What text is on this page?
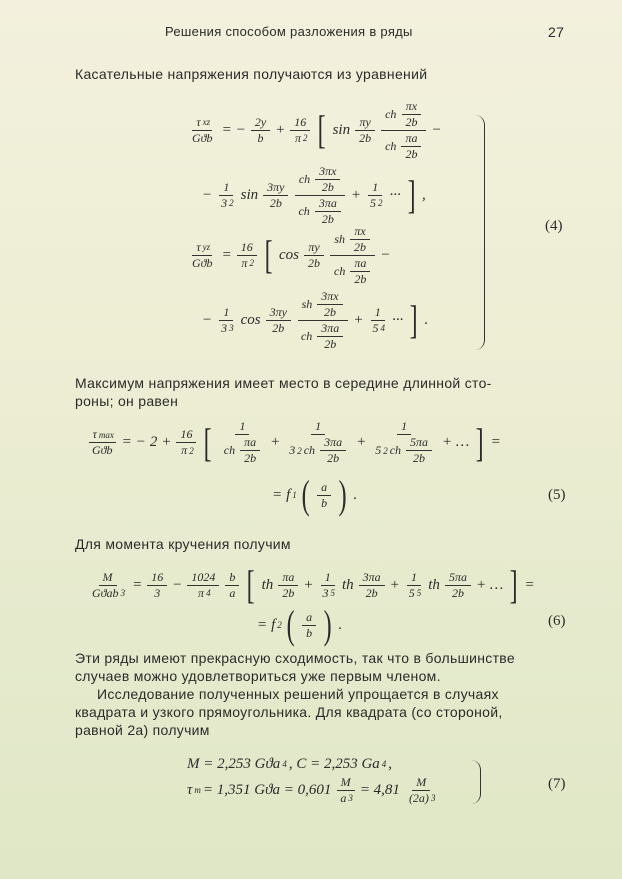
Решения способом разложения в ряды	27
Касательные напряжения получаются из уравнений
τ xz
Gϑb = − $\frac{2y}{b} + \frac{16}{\pi 2}$ [ $\sin \frac{\pi y}{2b}$
ch $\frac{\pi x}{2b}$
ch $\frac{\pi a}{2b}$
−
− $\frac{1}{3 2}$ $\sin \frac{3\pi y}{2b} \frac{ch \frac{3\pi x}{2b}}{ch \frac{3\pi a}{2b}} + \frac{1}{5 2}$ ··· ] ,
τ yz
$Gϑb = \frac{16}{\pi 2}$ [ $\cos \frac{\pi y}{2b}$
sh $\frac{\pi x}{2b}$
ch $\frac{\pi a}{2b}$
−
− $\frac{1}{3 3}$ $\cos \frac{3\pi y}{2b} \frac{sh \frac{3\pi x}{2b}}{ch \frac{3\pi a}{2b}} + \frac{1}{5 4}$ ··· ] .
(4)
Максимум напряжения имеет место в середине длинной сто-
роны; он равен
τ max
Gϑb = − $2 + \frac{16}{\pi 2}$ [ 1
ch $\frac{\pi a}{2b} + \frac{1}{3 2 ch \frac{3\pi a}{2b}} + \frac{1}{5 2 ch \frac{5\pi a}{2b}}$ + … ] =
= f 1 ( $\frac{a}{b}$ ) .	(5)
Для момента кручения получим
M
Gϑab 3
= $\frac{16}{3} - \frac{1024}{\pi 4} \frac{b}{a}$ [ th $\frac{\pi a}{2b} + \frac{1}{3 5}$ th $\frac{3\pi a}{2b} + \frac{1}{5 5}$ th $\frac{5\pi a}{2b}$ + … ] =
= f 2 ( $\frac{a}{b}$ ) .	(6)
Эти ряды имеют прекрасную сходимость, так что в большинстве
случаев можно удовлетвориться уже первым членом.
Исследование полученных решений упрощается в случаях
квадрата и узкого прямоугольника. Для квадрата (со стороной,
равной 2a) получим
M = 2,253 Gϑa 4 , C = 2,253 Ga 4 ,
τ m = 1,351 $Gϑa = 0,601 \frac{M}{a 3} = 4,81 \frac{M}{(2a) 3}$	(7)
